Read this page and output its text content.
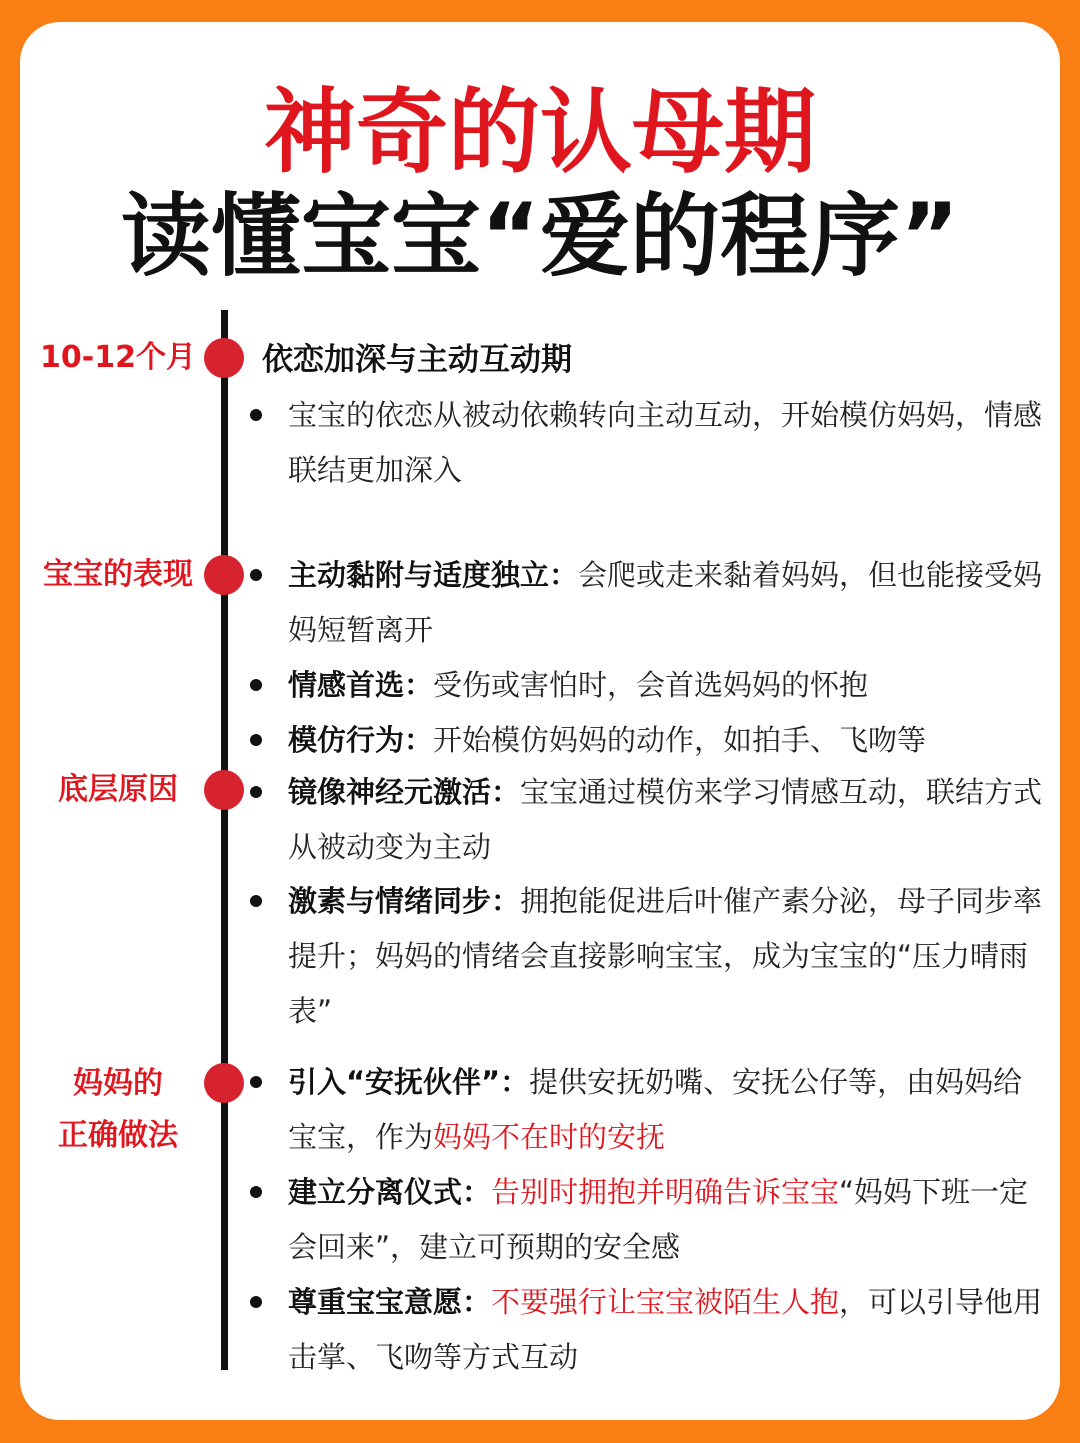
神奇的认母期
读懂宝宝“爱的程序”
10-12个月
宝宝的表现
底层原因
妈妈的
正确做法
依恋加深与主动互动期
宝宝的依恋从被动依赖转向主动互动，开始模仿妈妈，情感联结更加深入
主动黏附与适度独立：会爬或走来黏着妈妈，但也能接受妈妈短暂离开
情感首选：受伤或害怕时，会首选妈妈的怀抱
模仿行为：开始模仿妈妈的动作，如拍手、飞吻等
镜像神经元激活：宝宝通过模仿来学习情感互动，联结方式从被动变为主动
激素与情绪同步：拥抱能促进后叶催产素分泌，母子同步率提升；妈妈的情绪会直接影响宝宝，成为宝宝的“压力晴雨表”
引入“安抚伙伴”：提供安抚奶嘴、安抚公仔等，由妈妈给宝宝，作为妈妈不在时的安抚
建立分离仪式：告别时拥抱并明确告诉宝宝“妈妈下班一定会回来”，建立可预期的安全感
尊重宝宝意愿：不要强行让宝宝被陌生人抱，可以引导他用击掌、飞吻等方式互动
